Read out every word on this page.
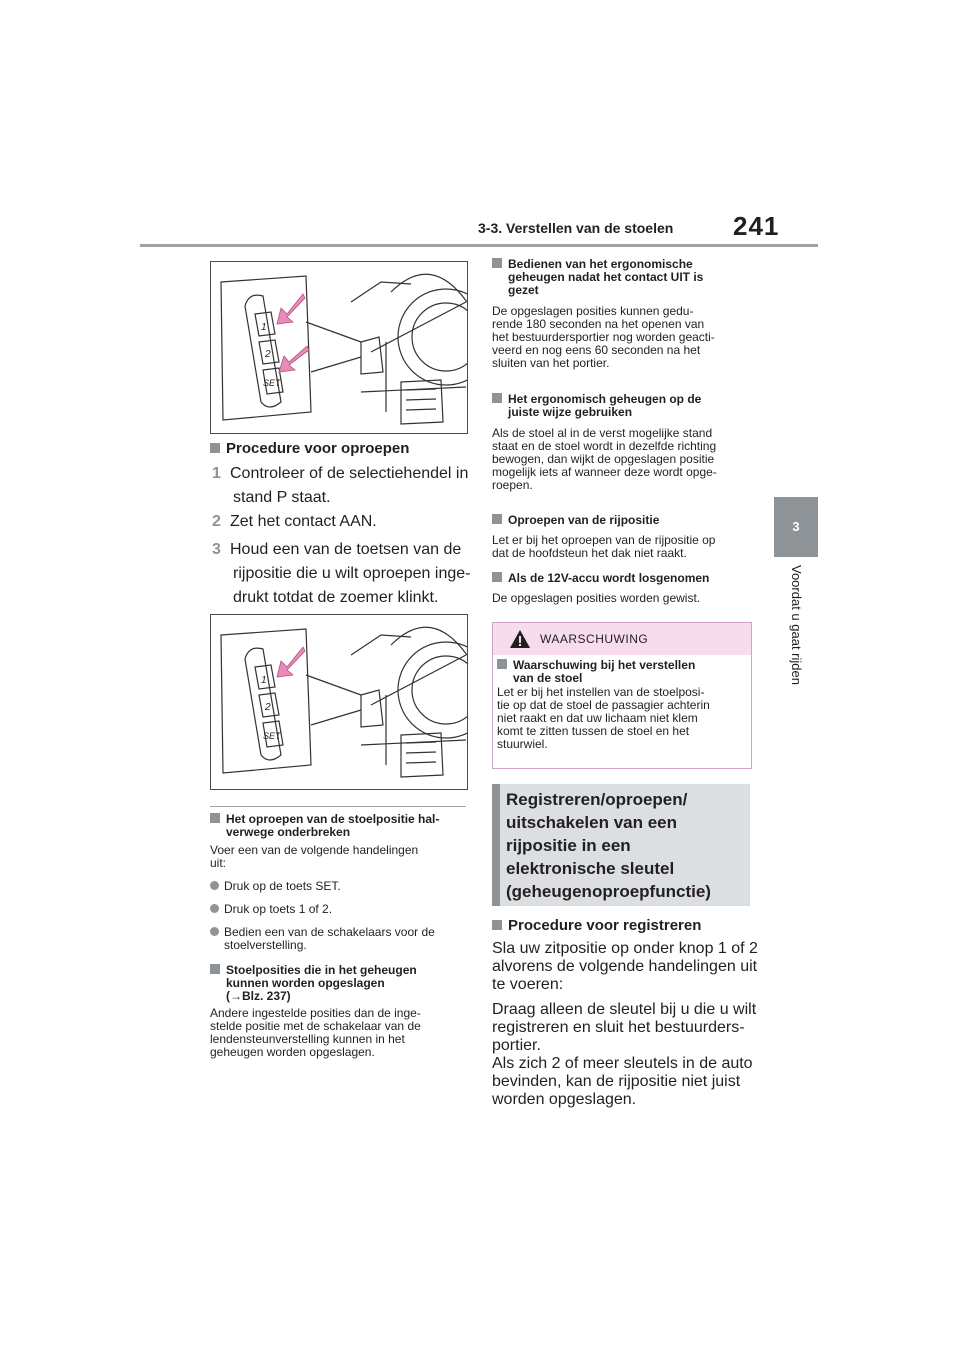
3-3. Verstellen van de stoelen 241
3
Voordat u gaat rijden
1
2
SET
Procedure voor oproepen
1 Controleer of de selectiehendel in
stand P staat.
2 Zet het contact AAN.
3 Houd een van de toetsen van de
rijpositie die u wilt oproepen inge-
drukt totdat de zoemer klinkt.
1
2
SET
Het oproepen van de stoelpositie hal-
verwege onderbreken
Voer een van de volgende handelingen
uit:
Druk op de toets SET.
Druk op toets 1 of 2.
Bedien een van de schakelaars voor de
stoelverstelling.
Stoelposities die in het geheugen
kunnen worden opgeslagen
(→Blz. 237)
Andere ingestelde posities dan de inge-
stelde positie met de schakelaar van de
lendensteunverstelling kunnen in het
geheugen worden opgeslagen.
Bedienen van het ergonomische
geheugen nadat het contact UIT is
gezet
De opgeslagen posities kunnen gedu-
rende 180 seconden na het openen van
het bestuurdersportier nog worden geacti-
veerd en nog eens 60 seconden na het
sluiten van het portier.
Het ergonomisch geheugen op de
juiste wijze gebruiken
Als de stoel al in de verst mogelijke stand
staat en de stoel wordt in dezelfde richting
bewogen, dan wijkt de opgeslagen positie
mogelijk iets af wanneer deze wordt opge-
roepen.
Oproepen van de rijpositie
Let er bij het oproepen van de rijpositie op
dat de hoofdsteun het dak niet raakt.
Als de 12V-accu wordt losgenomen
De opgeslagen posities worden gewist.
WAARSCHUWING
Waarschuwing bij het verstellen
van de stoel
Let er bij het instellen van de stoelposi-
tie op dat de stoel de passagier achterin
niet raakt en dat uw lichaam niet klem
komt te zitten tussen de stoel en het
stuurwiel.
Registreren/oproepen/
uitschakelen van een
rijpositie in een
elektronische sleutel
(geheugenoproepfunctie)
Procedure voor registreren
Sla uw zitpositie op onder knop 1 of 2
alvorens de volgende handelingen uit
te voeren:
Draag alleen de sleutel bij u die u wilt
registreren en sluit het bestuurders-
portier.
Als zich 2 of meer sleutels in de auto
bevinden, kan de rijpositie niet juist
worden opgeslagen.
